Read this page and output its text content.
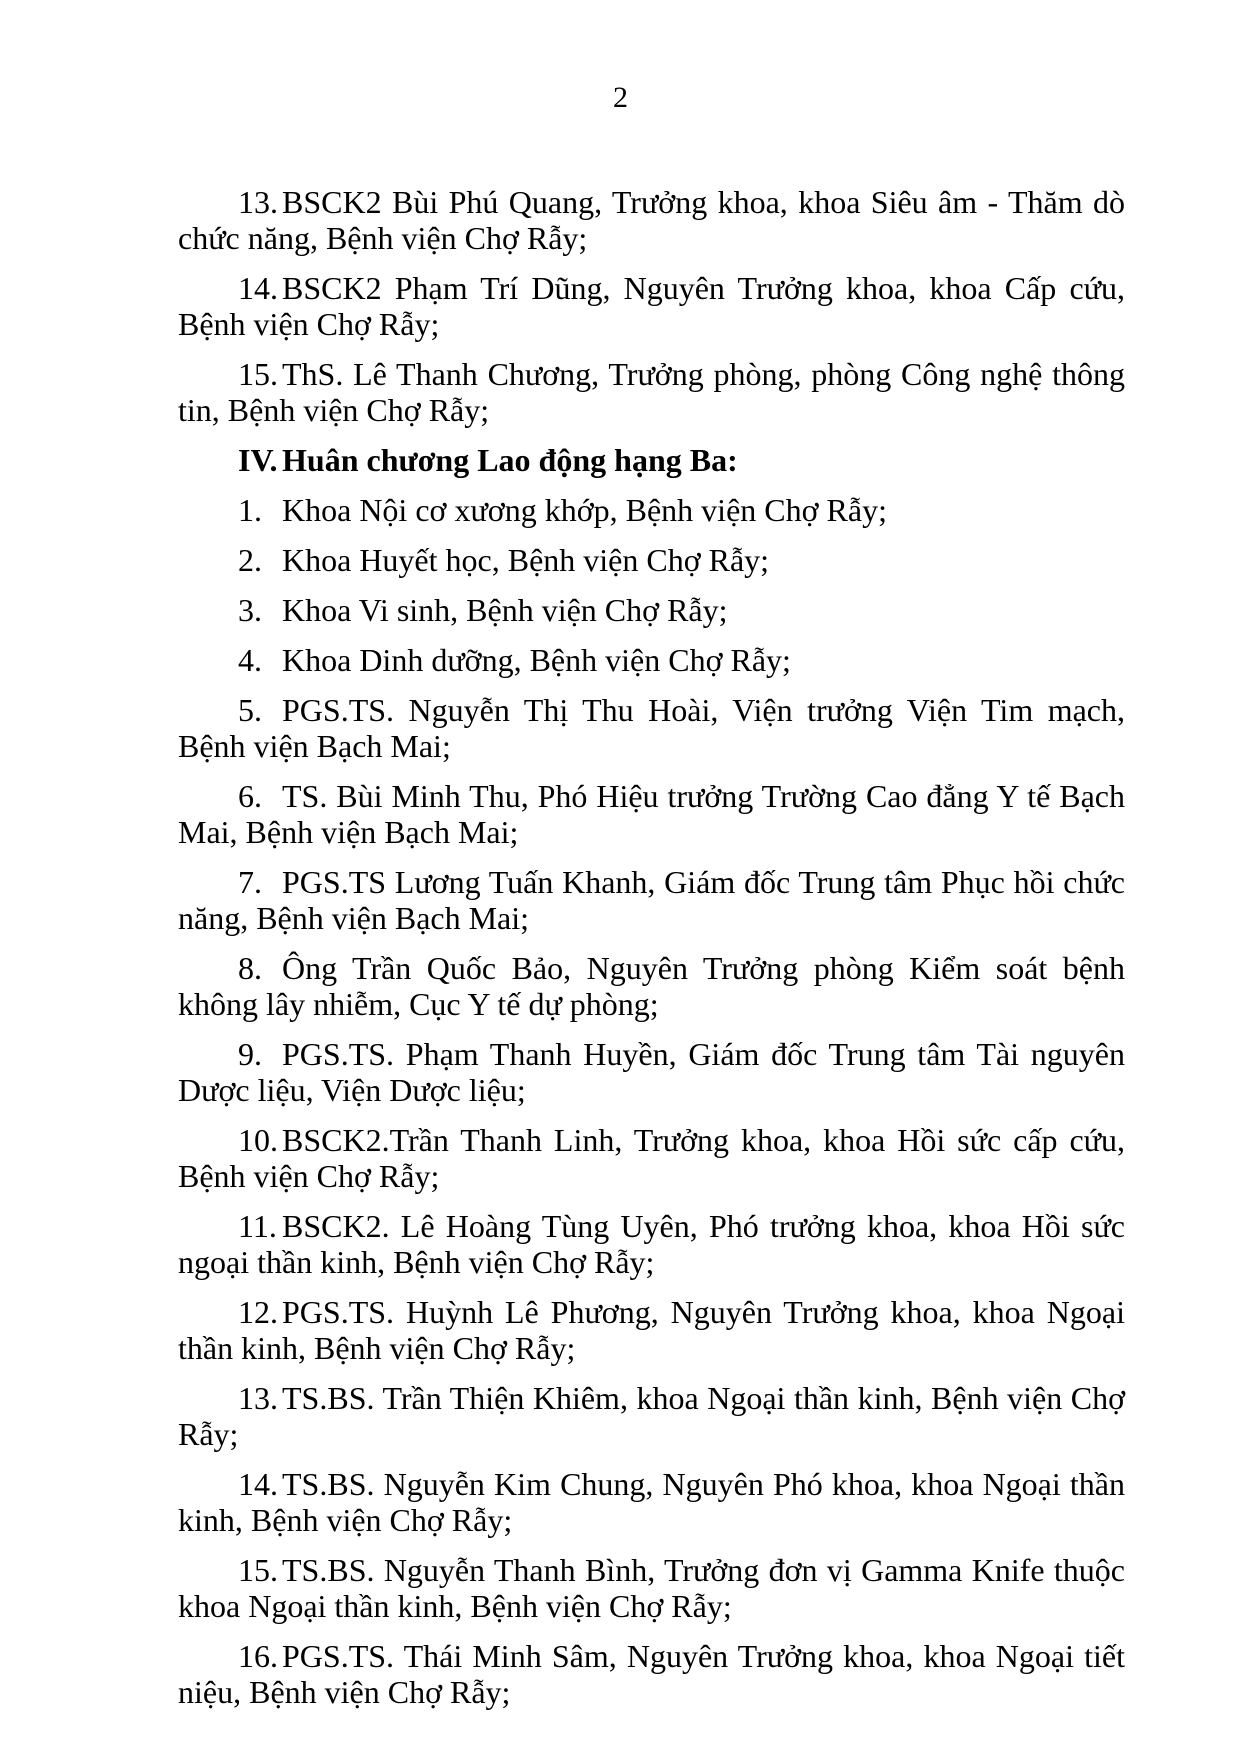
2

13. BSCK2 Bùi Phú Quang, Trưởng khoa, khoa Siêu âm - Thăm dò chức năng, Bệnh viện Chợ Rẫy;

14. BSCK2 Phạm Trí Dũng, Nguyên Trưởng khoa, khoa Cấp cứu, Bệnh viện Chợ Rẫy;

15. ThS. Lê Thanh Chương, Trưởng phòng, phòng Công nghệ thông tin, Bệnh viện Chợ Rẫy;

IV. Huân chương Lao động hạng Ba:

1. Khoa Nội cơ xương khớp, Bệnh viện Chợ Rẫy;

2. Khoa Huyết học, Bệnh viện Chợ Rẫy;

3. Khoa Vi sinh, Bệnh viện Chợ Rẫy;

4. Khoa Dinh dưỡng, Bệnh viện Chợ Rẫy;

5. PGS.TS. Nguyễn Thị Thu Hoài, Viện trưởng Viện Tim mạch, Bệnh viện Bạch Mai;

6. TS. Bùi Minh Thu, Phó Hiệu trưởng Trường Cao đẳng Y tế Bạch Mai, Bệnh viện Bạch Mai;

7. PGS.TS Lương Tuấn Khanh, Giám đốc Trung tâm Phục hồi chức năng, Bệnh viện Bạch Mai;

8. Ông Trần Quốc Bảo, Nguyên Trưởng phòng Kiểm soát bệnh không lây nhiễm, Cục Y tế dự phòng;

9. PGS.TS. Phạm Thanh Huyền, Giám đốc Trung tâm Tài nguyên Dược liệu, Viện Dược liệu;

10. BSCK2.Trần Thanh Linh, Trưởng khoa, khoa Hồi sức cấp cứu, Bệnh viện Chợ Rẫy;

11. BSCK2. Lê Hoàng Tùng Uyên, Phó trưởng khoa, khoa Hồi sức ngoại thần kinh, Bệnh viện Chợ Rẫy;

12. PGS.TS. Huỳnh Lê Phương, Nguyên Trưởng khoa, khoa Ngoại thần kinh, Bệnh viện Chợ Rẫy;

13. TS.BS. Trần Thiện Khiêm, khoa Ngoại thần kinh, Bệnh viện Chợ Rẫy;

14. TS.BS. Nguyễn Kim Chung, Nguyên Phó khoa, khoa Ngoại thần kinh, Bệnh viện Chợ Rẫy;

15. TS.BS. Nguyễn Thanh Bình, Trưởng đơn vị Gamma Knife thuộc khoa Ngoại thần kinh, Bệnh viện Chợ Rẫy;

16. PGS.TS. Thái Minh Sâm, Nguyên Trưởng khoa, khoa Ngoại tiết niệu, Bệnh viện Chợ Rẫy;
